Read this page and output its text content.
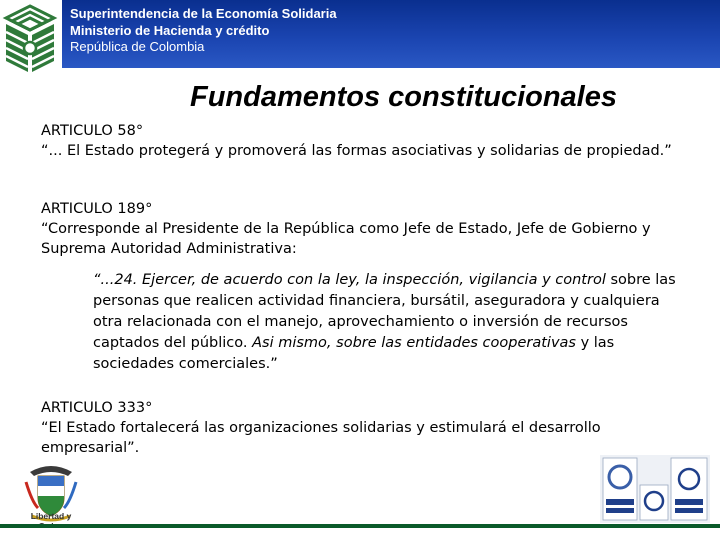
Superintendencia de la Economía Solidaria
Ministerio de Hacienda y crédito
República de Colombia
Fundamentos constitucionales
ARTICULO 58°
“... El Estado protegerá y promoverá las formas asociativas y solidarias de propiedad.”
ARTICULO 189°
“Corresponde al Presidente de la República como Jefe de Estado, Jefe de Gobierno y Suprema Autoridad Administrativa:
“...24. Ejercer, de acuerdo con la ley, la inspección, vigilancia y control sobre las personas que realicen actividad financiera, bursátil, aseguradora y cualquiera otra relacionada con el manejo, aprovechamiento o inversión de recursos captados del público. Asi mismo, sobre las entidades cooperativas y las sociedades comerciales.”
ARTICULO 333°
“El Estado fortalecerá las organizaciones solidarias y estimulará el desarrollo empresarial”.
Libertad y
